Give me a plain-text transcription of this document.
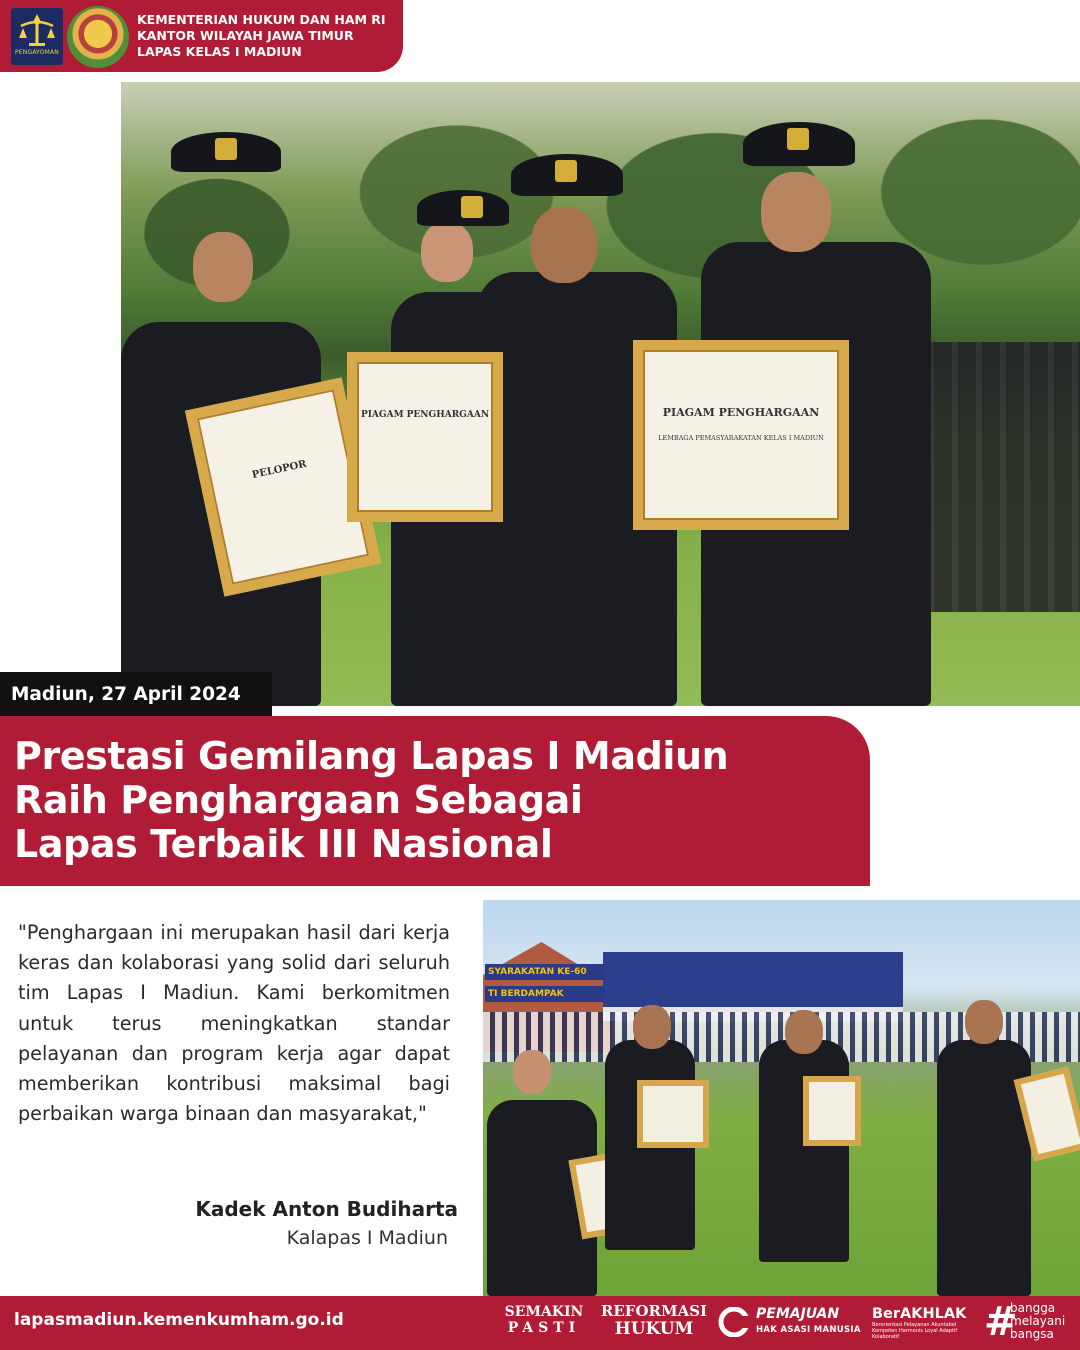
PENGAYOMAN
KEMENTERIAN HUKUM DAN HAM RI
KANTOR WILAYAH JAWA TIMUR
LAPAS KELAS I MADIUN
PELOPOR
PIAGAM PENGHARGAAN	PIAGAM PENGHARGAAN
LEMBAGA PEMASYARAKATAN KELAS I MADIUN
Madiun, 27 April 2024
Prestasi Gemilang Lapas I Madiun
Raih Penghargaan Sebagai
Lapas Terbaik III Nasional

"Penghargaan ini merupakan hasil dari kerja keras dan kolaborasi yang solid dari seluruh tim Lapas I Madiun. Kami berkomitmen untuk terus meningkatkan standar pelayanan dan program kerja agar dapat memberikan kontribusi maksimal bagi perbaikan warga binaan dan masyarakat,"

Kadek Anton Budiharta
Kalapas I Madiun
SYARAKATAN KE-60
TI BERDAMPAK
lapasmadiun.kemenkumham.go.id	SEMAKIN
PASTI
REFORMASI
HUKUM
PEMAJUAN
HAK ASASI MANUSIA
BerAKHLAK
Berorientasi Pelayanan Akuntabel Kompeten Harmonis Loyal Adaptif Kolaboratif	#
bangga
melayani
bangsa
